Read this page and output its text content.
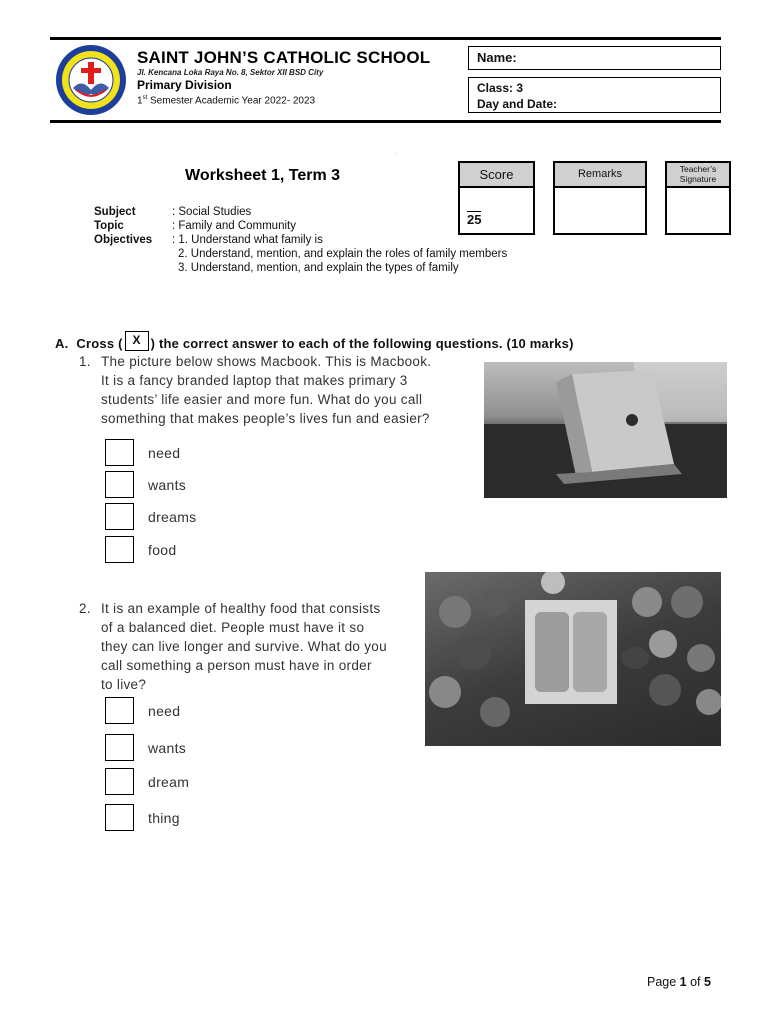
SAINT JOHN’S CATHOLIC SCHOOL
Jl. Kencana Loka Raya No. 8, Sektor XII BSD City
Primary Division
1st Semester Academic Year 2022- 2023
Name:
Class: 3
Day and Date:
.
Worksheet 1, Term 3	Score
25
Remarks	Teacher’s Signature
Subject	: Social Studies
Topic	: Family and Community
Objectives	: 1. Understand what family is
2. Understand, mention, and explain the roles of family members
3. Understand, mention, and explain the types of family
A. Cross ( X ) the correct answer to each of the following questions. (10 marks)
1. The picture below shows Macbook. This is Macbook.
It is a fancy branded laptop that makes primary 3
students’ life easier and more fun. What do you call
something that makes people’s lives fun and easier?
need
wants
dreams
food
2. It is an example of healthy food that consists
of a balanced diet. People must have it so
they can live longer and survive. What do you
call something a person must have in order
to live?
need
wants
dream
thing
Page 1 of 5
